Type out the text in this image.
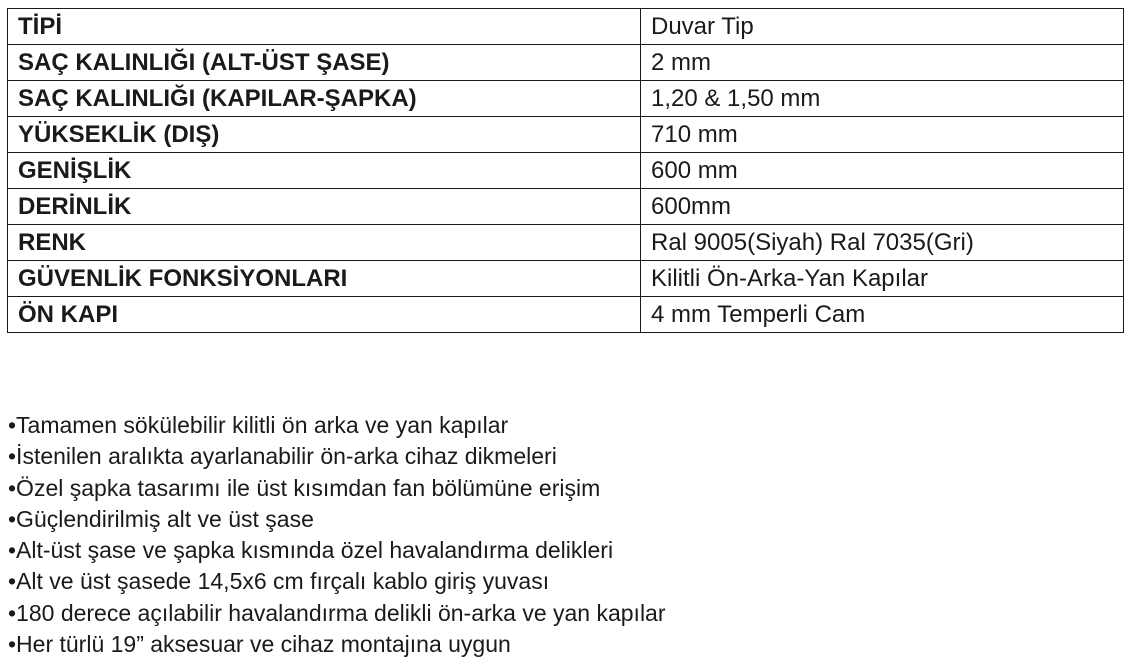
TİPİ	Duvar Tip
SAÇ KALINLIĞI (ALT-ÜST ŞASE)	2 mm
SAÇ KALINLIĞI (KAPILAR-ŞAPKA)	1,20 & 1,50 mm
YÜKSEKLİK (DIŞ)	710 mm
GENİŞLİK	600 mm
DERİNLİK	600mm
RENK	Ral 9005(Siyah) Ral 7035(Gri)
GÜVENLİK FONKSİYONLARI	Kilitli Ön-Arka-Yan Kapılar
ÖN KAPI	4 mm Temperli Cam
•Tamamen sökülebilir kilitli ön arka ve yan kapılar
•İstenilen aralıkta ayarlanabilir ön-arka cihaz dikmeleri
•Özel şapka tasarımı ile üst kısımdan fan bölümüne erişim
•Güçlendirilmiş alt ve üst şase
•Alt-üst şase ve şapka kısmında özel havalandırma delikleri
•Alt ve üst şasede 14,5x6 cm fırçalı kablo giriş yuvası
•180 derece açılabilir havalandırma delikli ön-arka ve yan kapılar
•Her türlü 19” aksesuar ve cihaz montajına uygun
